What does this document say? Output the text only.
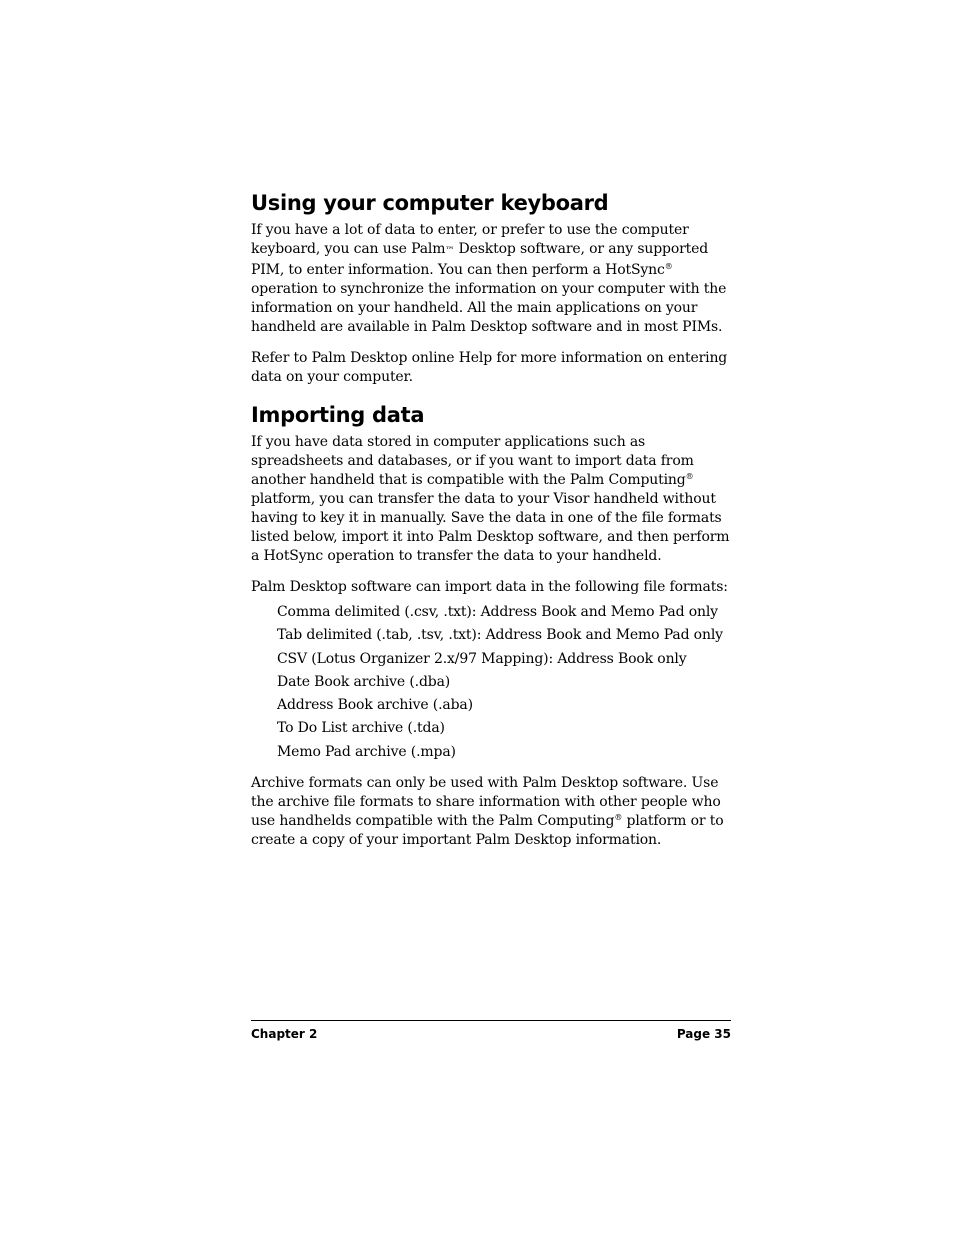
Using your computer keyboard

If you have a lot of data to enter, or prefer to use the computer keyboard, you can use Palm™ Desktop software, or any supported PIM, to enter information. You can then perform a HotSync® operation to synchronize the information on your computer with the information on your handheld. All the main applications on your handheld are available in Palm Desktop software and in most PIMs.

Refer to Palm Desktop online Help for more information on entering data on your computer.

Importing data

If you have data stored in computer applications such as spreadsheets and databases, or if you want to import data from another handheld that is compatible with the Palm Computing® platform, you can transfer the data to your Visor handheld without having to key it in manually. Save the data in one of the file formats listed below, import it into Palm Desktop software, and then perform a HotSync operation to transfer the data to your handheld.

Palm Desktop software can import data in the following file formats:

Comma delimited (.csv, .txt): Address Book and Memo Pad only
Tab delimited (.tab, .tsv, .txt): Address Book and Memo Pad only
CSV (Lotus Organizer 2.x/97 Mapping): Address Book only
Date Book archive (.dba)
Address Book archive (.aba)
To Do List archive (.tda)
Memo Pad archive (.mpa)

Archive formats can only be used with Palm Desktop software. Use the archive file formats to share information with other people who use handhelds compatible with the Palm Computing® platform or to create a copy of your important Palm Desktop information.

Chapter 2	Page 35
